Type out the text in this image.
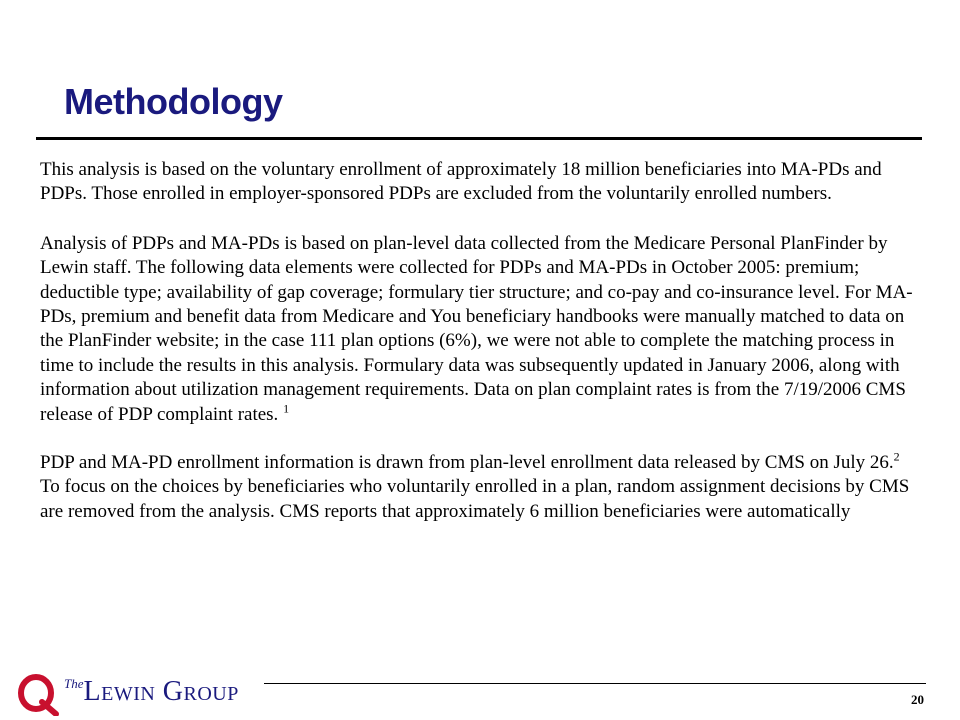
Methodology

This analysis is based on the voluntary enrollment of approximately 18 million beneficiaries into MA-PDs and PDPs. Those enrolled in employer-sponsored PDPs are excluded from the voluntarily enrolled numbers.

Analysis of PDPs and MA-PDs is based on plan-level data collected from the Medicare Personal PlanFinder by Lewin staff. The following data elements were collected for PDPs and MA-PDs in October 2005: premium; deductible type; availability of gap coverage; formulary tier structure; and co-pay and co-insurance level. For MA-PDs, premium and benefit data from Medicare and You beneficiary handbooks were manually matched to data on the PlanFinder website; in the case 111 plan options (6%), we were not able to complete the matching process in time to include the results in this analysis. Formulary data was subsequently updated in January 2006, along with information about utilization management requirements. Data on plan complaint rates is from the 7/19/2006 CMS release of PDP complaint rates. $^1$

PDP and MA-PD enrollment information is drawn from plan-level enrollment data released by CMS on July 26.$^2$ To focus on the choices by beneficiaries who voluntarily enrolled in a plan, random assignment decisions by CMS are removed from the analysis. CMS reports that approximately 6 million beneficiaries were automatically

$^{The}$Lewin Group	20
